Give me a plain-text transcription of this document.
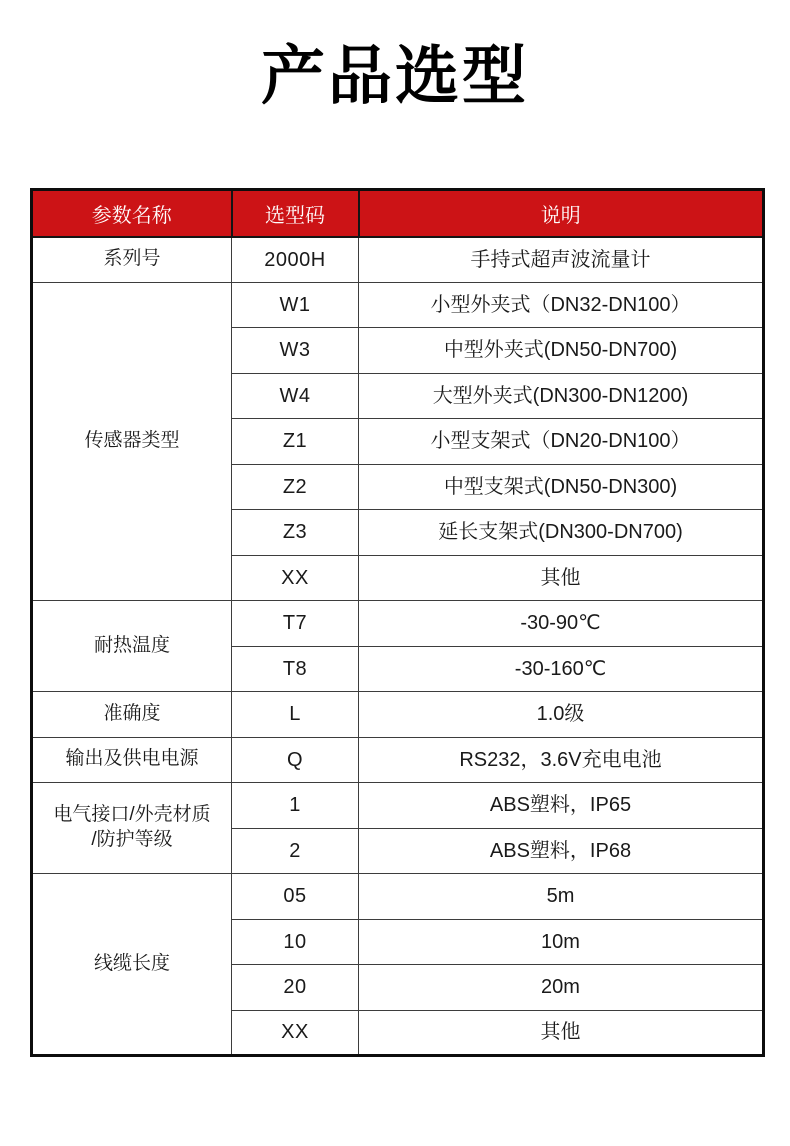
产品选型
参数名称	选型码	说明
系列号	2000H	手持式超声波流量计
传感器类型	W1	小型外夹式（DN32-DN100）
	W3	中型外夹式(DN50-DN700)
	W4	大型外夹式(DN300-DN1200)
	Z1	小型支架式（DN20-DN100）
	Z2	中型支架式(DN50-DN300)
	Z3	延长支架式(DN300-DN700)
	XX	其他
耐热温度	T7	-30-90℃
	T8	-30-160℃
准确度	L	1.0级
输出及供电电源	Q	RS232，3.6V充电电池
电气接口/外壳材质
/防护等级	1	ABS塑料，IP65
	2	ABS塑料，IP68
线缆长度	05	5m
	10	10m
	20	20m
	XX	其他
